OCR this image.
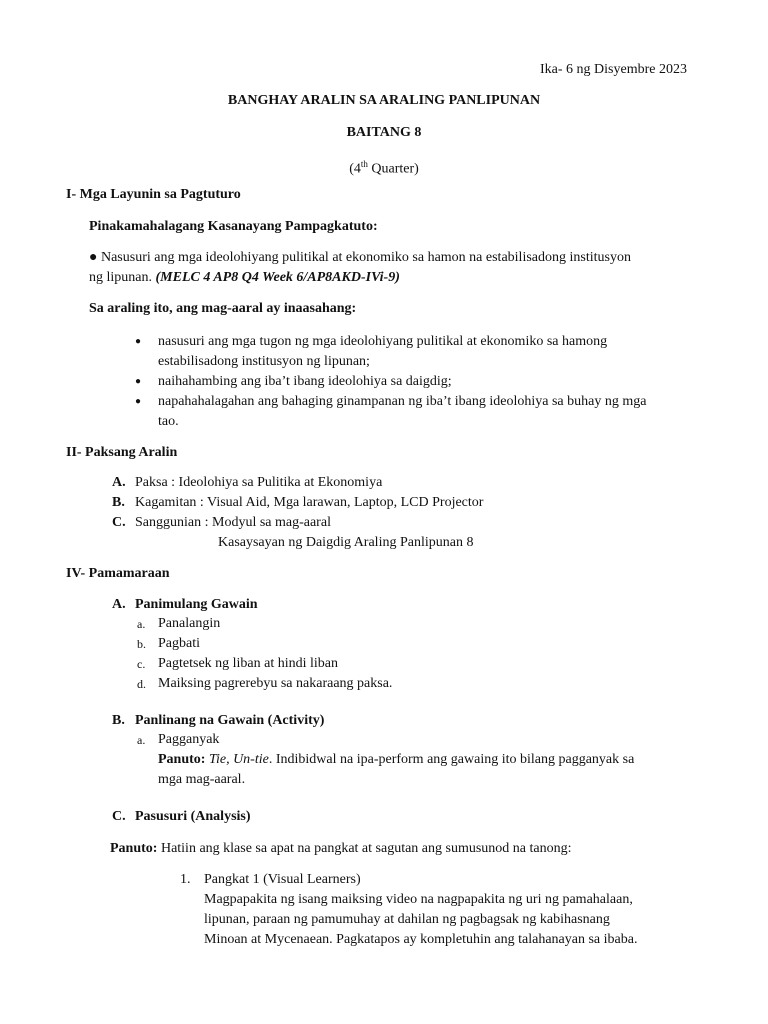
Ika- 6 ng Disyembre 2023
BANGHAY ARALIN SA ARALING PANLIPUNAN
BAITANG 8
(4th Quarter)
I- Mga Layunin sa Pagtuturo
Pinakamahalagang Kasanayang Pampagkatuto:
● Nasusuri ang mga ideolohiyang pulitikal at ekonomiko sa hamon na estabilisadong institusyon
ng lipunan. (MELC 4 AP8 Q4 Week 6/AP8AKD-IVi-9)
Sa araling ito, ang mag-aaral ay inaasahang:
● nasusuri ang mga tugon ng mga ideolohiyang pulitikal at ekonomiko sa hamong
estabilisadong institusyon ng lipunan;
● naihahambing ang iba’t ibang ideolohiya sa daigdig;
● napahahalagahan ang bahaging ginampanan ng iba’t ibang ideolohiya sa buhay ng mga
tao.
II- Paksang Aralin
A. Paksa : Ideolohiya sa Pulitika at Ekonomiya
B. Kagamitan : Visual Aid, Mga larawan, Laptop, LCD Projector
C. Sanggunian : Modyul sa mag-aaral
Kasaysayan ng Daigdig Araling Panlipunan 8
IV- Pamamaraan
A. Panimulang Gawain
a. Panalangin
b. Pagbati
c. Pagtetsek ng liban at hindi liban
d. Maiksing pagrerebyu sa nakaraang paksa.
B. Panlinang na Gawain (Activity)
a. Pagganyak
Panuto: Tie, Un-tie. Indibidwal na ipa-perform ang gawaing ito bilang pagganyak sa
mga mag-aaral.
C. Pasusuri (Analysis)
Panuto: Hatiin ang klase sa apat na pangkat at sagutan ang sumusunod na tanong:
1. Pangkat 1 (Visual Learners)
Magpapakita ng isang maiksing video na nagpapakita ng uri ng pamahalaan,
lipunan, paraan ng pamumuhay at dahilan ng pagbagsak ng kabihasnang
Minoan at Mycenaean. Pagkatapos ay kompletuhin ang talahanayan sa ibaba.
